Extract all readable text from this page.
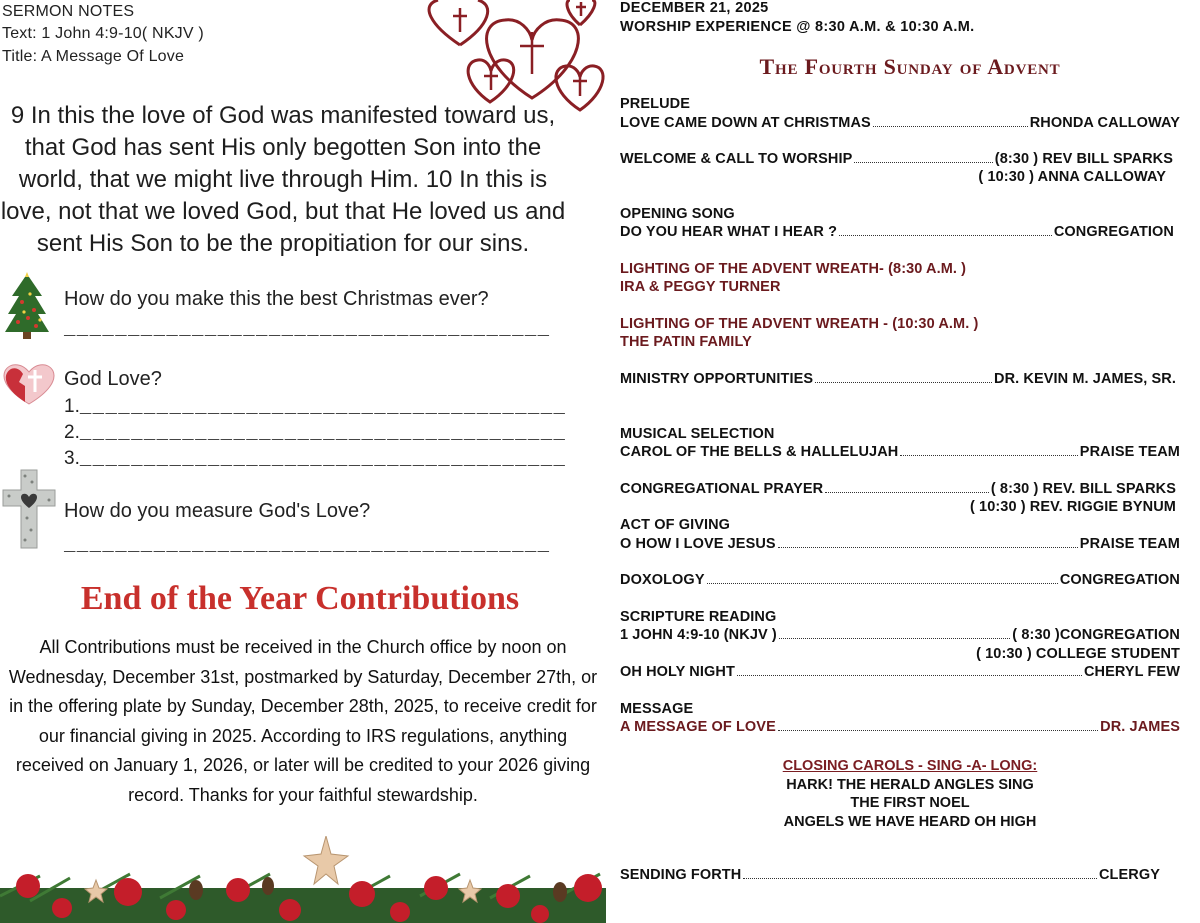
SERMON NOTES
Text: 1 John 4:9-10( NKJV )
Title: A Message Of Love
9 In this the love of God was manifested toward us, that God has sent His only begotten Son into the world, that we might live through Him. 10 In this is love, not that we loved God, but that He loved us and sent His Son to be the propitiation for our sins.
How do you make this the best Christmas ever?
______________________________________
God Love?
1.______________________________________
2.______________________________________
3.______________________________________
How do you measure God's Love?
______________________________________
End of the Year Contributions
All Contributions must be received in the Church office by noon on Wednesday, December 31st, postmarked by Saturday, December 27th, or in the offering plate by Sunday, December 28th, 2025, to receive credit for our financial giving in 2025. According to IRS regulations, anything received on January 1, 2026, or later will be credited to your 2026 giving record. Thanks for your faithful stewardship.
DECEMBER 21, 2025
WORSHIP EXPERIENCE @ 8:30 A.M. & 10:30 A.M.
The Fourth Sunday of Advent
PRELUDE
LOVE CAME DOWN AT CHRISTMAS	RHONDA CALLOWAY
WELCOME & CALL TO WORSHIP	(8:30 ) REV BILL SPARKS
( 10:30 ) ANNA CALLOWAY
OPENING SONG
DO YOU HEAR WHAT I HEAR ?	CONGREGATION
LIGHTING OF THE ADVENT WREATH- (8:30 A.M. )
IRA & PEGGY TURNER
LIGHTING OF THE ADVENT WREATH - (10:30 A.M. )
THE PATIN FAMILY
MINISTRY OPPORTUNITIES	DR. KEVIN M. JAMES, SR.
MUSICAL SELECTION
CAROL OF THE BELLS & HALLELUJAH	PRAISE TEAM
CONGREGATIONAL PRAYER	( 8:30 ) REV. BILL SPARKS
( 10:30 ) REV. RIGGIE BYNUM
ACT OF GIVING
O HOW I LOVE JESUS	PRAISE TEAM
DOXOLOGY	CONGREGATION
SCRIPTURE READING
1 JOHN 4:9-10 (NKJV )	( 8:30 )CONGREGATION
( 10:30 ) COLLEGE STUDENT
OH HOLY NIGHT	CHERYL FEW
MESSAGE
A MESSAGE OF LOVE	DR. JAMES
CLOSING CAROLS - SING -A- LONG:
HARK! THE HERALD ANGLES SING
THE FIRST NOEL
ANGELS WE HAVE HEARD OH HIGH
SENDING FORTH	CLERGY
